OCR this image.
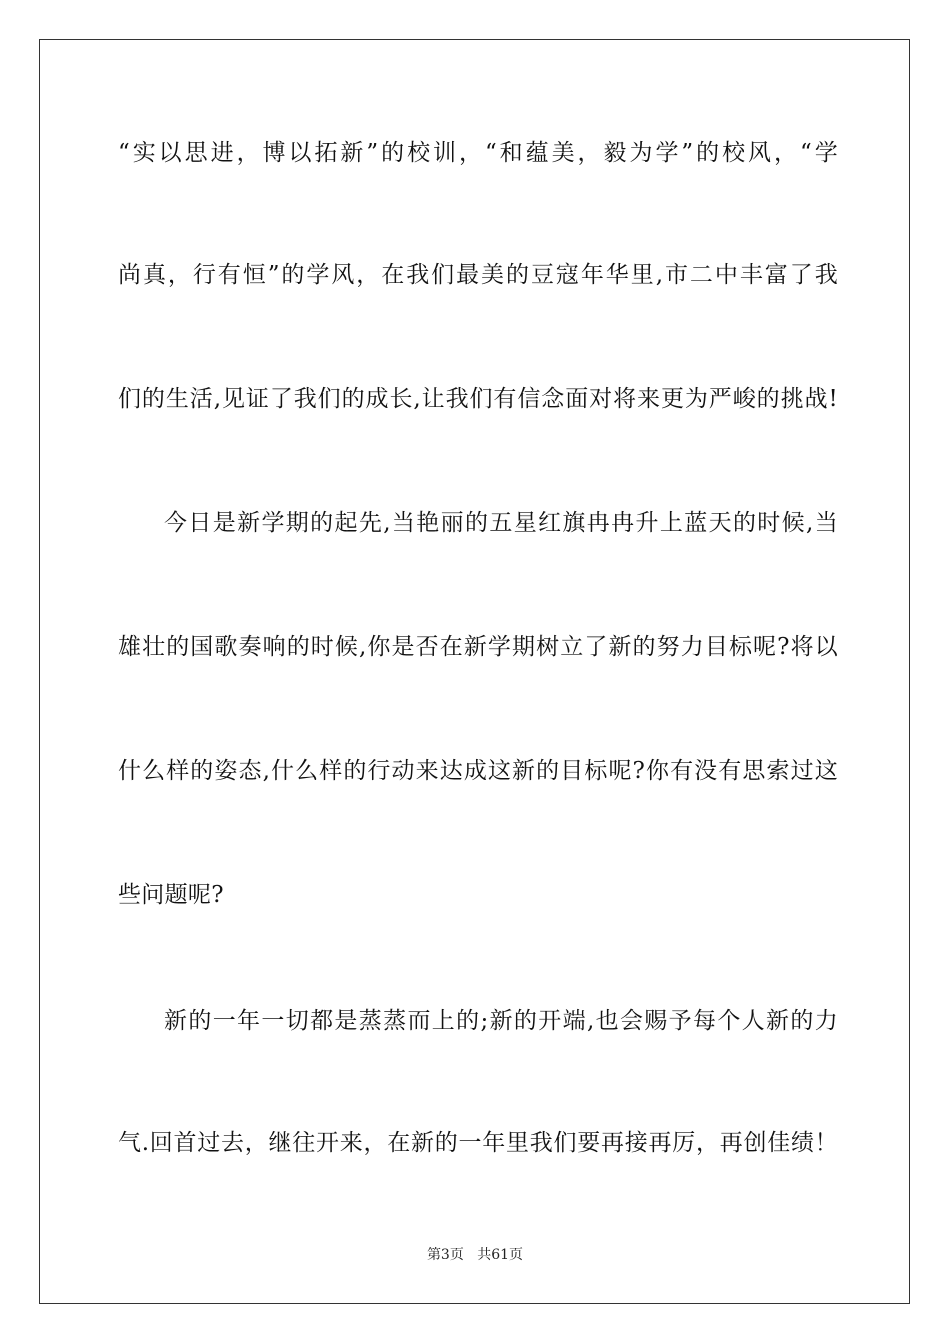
“实以思进，博以拓新”的校训，“和蕴美，毅为学”的校风，“学
尚真，行有恒”的学风，在我们最美的豆寇年华里,市二中丰富了我
们的生活,见证了我们的成长,让我们有信念面对将来更为严峻的挑战!
今日是新学期的起先,当艳丽的五星红旗冉冉升上蓝天的时候,当
雄壮的国歌奏响的时候,你是否在新学期树立了新的努力目标呢?将以
什么样的姿态,什么样的行动来达成这新的目标呢?你有没有思索过这
些问题呢?
新的一年一切都是蒸蒸而上的;新的开端,也会赐予每个人新的力
气.回首过去，继往开来，在新的一年里我们要再接再厉，再创佳绩！
第3页 共61页
